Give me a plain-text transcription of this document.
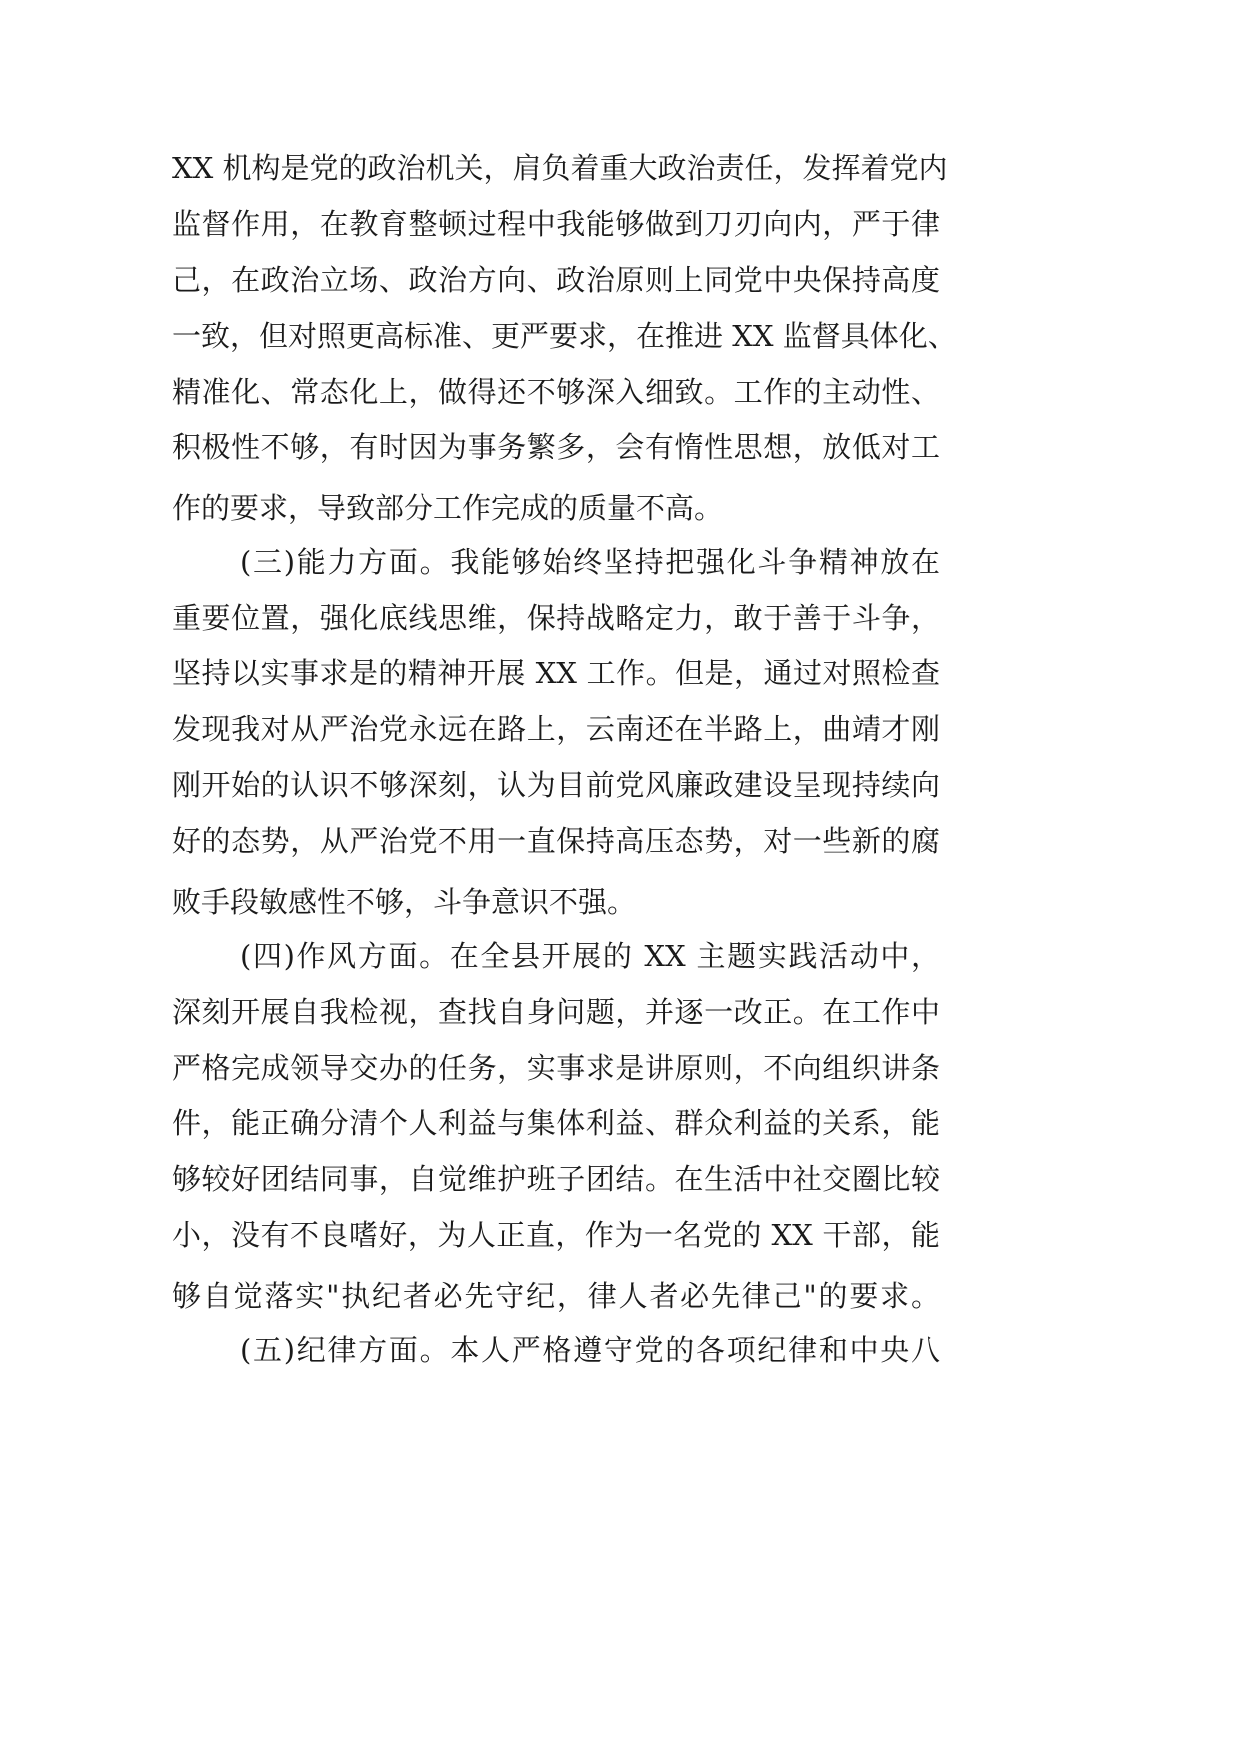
XX 机构是党的政治机关，肩负着重大政治责任，发挥着党内
监督作用，在教育整顿过程中我能够做到刀刃向内，严于律
己，在政治立场、政治方向、政治原则上同党中央保持高度
一致，但对照更高标准、更严要求，在推进 XX 监督具体化、
精准化、常态化上，做得还不够深入细致。工作的主动性、
积极性不够，有时因为事务繁多，会有惰性思想，放低对工
作的要求，导致部分工作完成的质量不高。
(三)能力方面。我能够始终坚持把强化斗争精神放在
重要位置，强化底线思维，保持战略定力，敢于善于斗争，
坚持以实事求是的精神开展 XX 工作。但是，通过对照检查
发现我对从严治党永远在路上，云南还在半路上，曲靖才刚
刚开始的认识不够深刻，认为目前党风廉政建设呈现持续向
好的态势，从严治党不用一直保持高压态势，对一些新的腐
败手段敏感性不够，斗争意识不强。
(四)作风方面。在全县开展的 XX 主题实践活动中，
深刻开展自我检视，查找自身问题，并逐一改正。在工作中
严格完成领导交办的任务，实事求是讲原则，不向组织讲条
件，能正确分清个人利益与集体利益、群众利益的关系，能
够较好团结同事，自觉维护班子团结。在生活中社交圈比较
小，没有不良嗜好，为人正直，作为一名党的 XX 干部，能
够自觉落实"执纪者必先守纪，律人者必先律己"的要求。
(五)纪律方面。本人严格遵守党的各项纪律和中央八
